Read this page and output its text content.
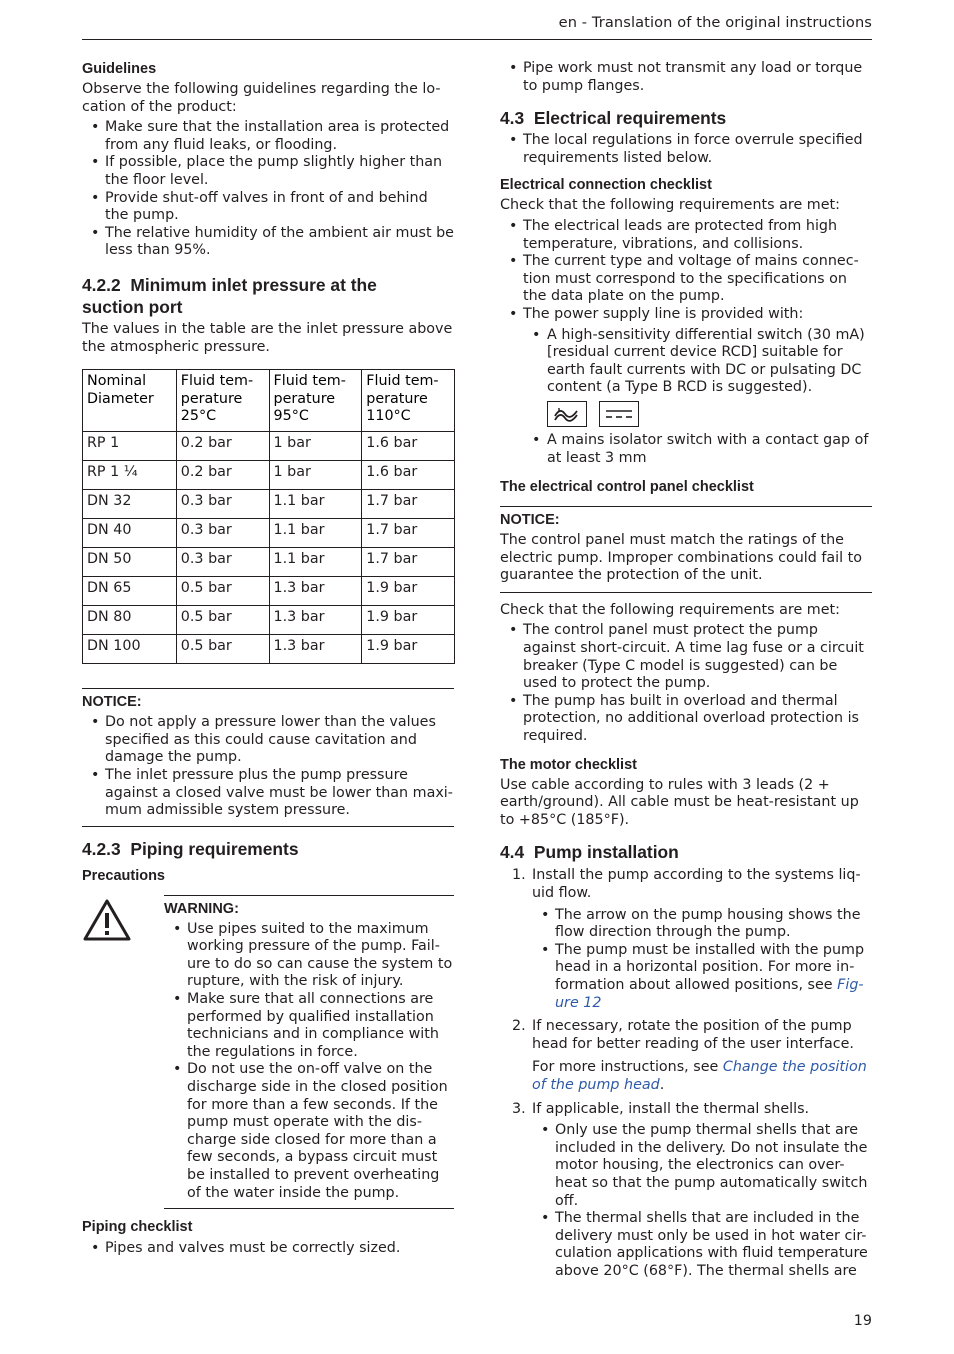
en - Translation of the original instructions
Guidelines

Observe the following guidelines regarding the lo-cation of the product:

• Make sure that the installation area is protected from any fluid leaks, or flooding.
• If possible, place the pump slightly higher than the floor level.
• Provide shut-off valves in front of and behind the pump.
• The relative humidity of the ambient air must be less than 95%.
4.2.2 Minimum inlet pressure at the
suction port

The values in the table are the inlet pressure above the atmospheric pressure.

Nominal
Diameter	Fluid tem-
perature
25°C	Fluid tem-
perature
95°C	Fluid tem-
perature
110°C
RP 1	0.2 bar	1 bar	1.6 bar
RP 1 ¼	0.2 bar	1 bar	1.6 bar
DN 32	0.3 bar	1.1 bar	1.7 bar
DN 40	0.3 bar	1.1 bar	1.7 bar
DN 50	0.3 bar	1.1 bar	1.7 bar
DN 65	0.5 bar	1.3 bar	1.9 bar
DN 80	0.5 bar	1.3 bar	1.9 bar
DN 100	0.5 bar	1.3 bar	1.9 bar
NOTICE:
• Do not apply a pressure lower than the values specified as this could cause cavitation and damage the pump.
• The inlet pressure plus the pump pressure against a closed valve must be lower than maxi-mum admissible system pressure.
4.2.3 Piping requirements
Precautions
WARNING:
• Use pipes suited to the maximum working pressure of the pump. Fail-ure to do so can cause the system to rupture, with the risk of injury.
• Make sure that all connections are performed by qualified installation technicians and in compliance with the regulations in force.
• Do not use the on-off valve on the discharge side in the closed position for more than a few seconds. If the pump must operate with the dis-charge side closed for more than a few seconds, a bypass circuit must be installed to prevent overheating of the water inside the pump.
Piping checklist
• Pipes and valves must be correctly sized.
• Pipe work must not transmit any load or torque to pump flanges.
4.3 Electrical requirements
• The local regulations in force overrule specified requirements listed below.
Electrical connection checklist

Check that the following requirements are met:

• The electrical leads are protected from high temperature, vibrations, and collisions.
• The current type and voltage of mains connec-tion must correspond to the specifications on the data plate on the pump.
• The power supply line is provided with:
• A high-sensitivity differential switch (30 mA) [residual current device RCD] suitable for earth fault currents with DC or pulsating DC content (a Type B RCD is suggested).
• A mains isolator switch with a contact gap of at least 3 mm
The electrical control panel checklist
NOTICE:

The control panel must match the ratings of the electric pump. Improper combinations could fail to guarantee the protection of the unit.

Check that the following requirements are met:

• The control panel must protect the pump against short-circuit. A time lag fuse or a circuit breaker (Type C model is suggested) can be used to protect the pump.
• The pump has built in overload and thermal protection, no additional overload protection is required.
The motor checklist

Use cable according to rules with 3 leads (2 + earth/ground). All cable must be heat-resistant up to +85°C (185°F).

4.4 Pump installation
1. Install the pump according to the systems liq-uid flow.
• The arrow on the pump housing shows the flow direction through the pump.
• The pump must be installed with the pump head in a horizontal position. For more in-formation about allowed positions, see Fig-ure 12
2. If necessary, rotate the position of the pump head for better reading of the user interface.

For more instructions, see Change the position of the pump head.

3. If applicable, install the thermal shells.
• Only use the pump thermal shells that are included in the delivery. Do not insulate the motor housing, the electronics can over-heat so that the pump automatically switch off.
• The thermal shells that are included in the delivery must only be used in hot water cir-culation applications with fluid temperature above 20°C (68°F). The thermal shells are
19
